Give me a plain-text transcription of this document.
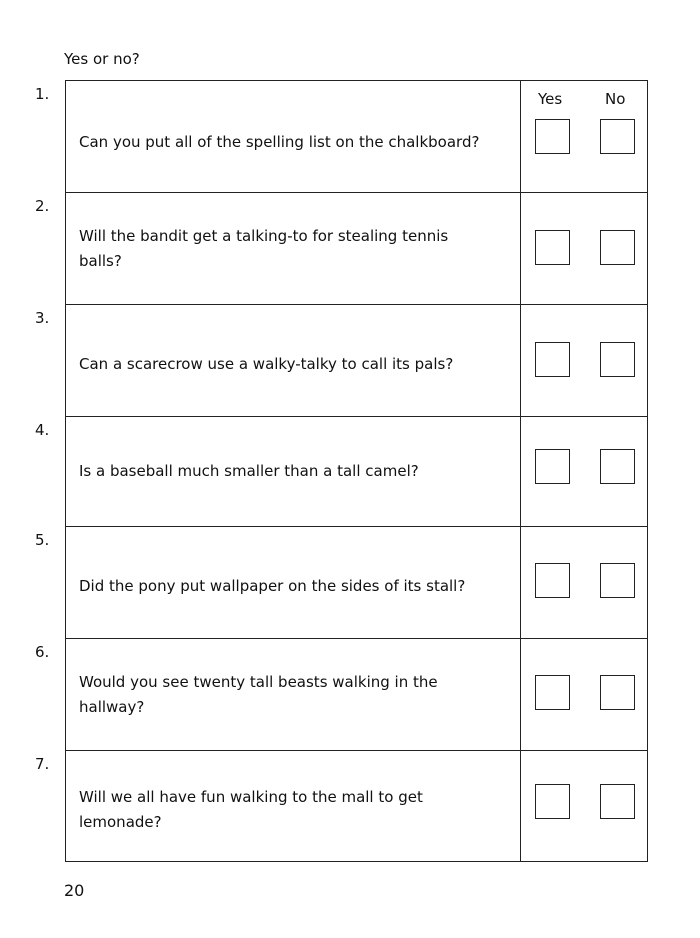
Yes or no?
1.
Can you put all of the spelling list on the chalkboard?
Yes	No
2.
Will the bandit get a talking-to for stealing tennis balls?
3.
Can a scarecrow use a walky-talky to call its pals?
4.
Is a baseball much smaller than a tall camel?
5.
Did the pony put wallpaper on the sides of its stall?
6.
Would you see twenty tall beasts walking in the hallway?
7.
Will we all have fun walking to the mall to get lemonade?
20
